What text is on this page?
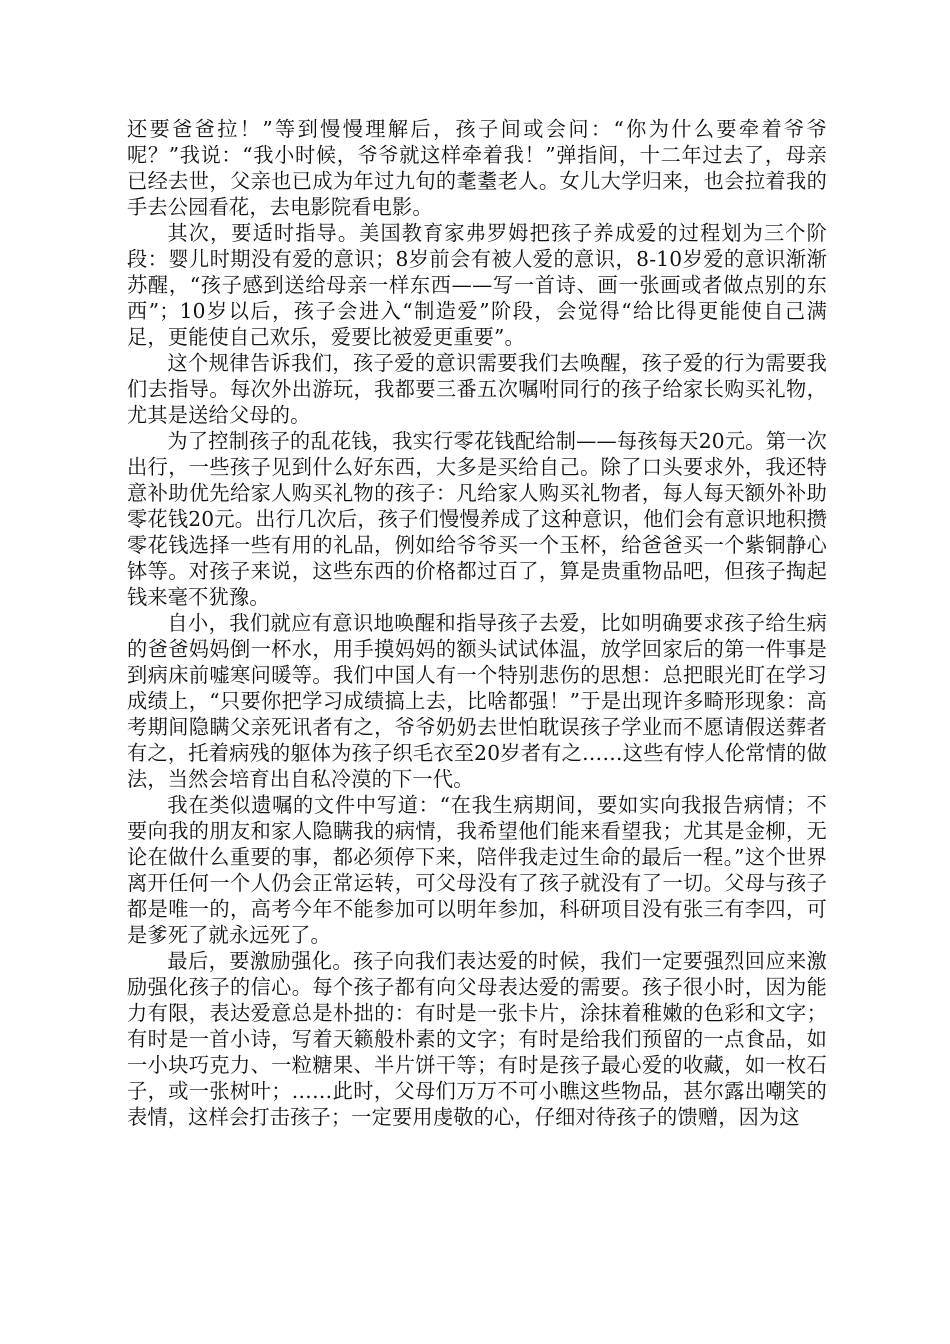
还要爸爸拉！”等到慢慢理解后，孩子间或会问：“你为什么要牵着爷爷呢？”我说：“我小时候，爷爷就这样牵着我！”弹指间，十二年过去了，母亲已经去世，父亲也已成为年过九旬的耄耋老人。女儿大学归来，也会拉着我的手去公园看花，去电影院看电影。

其次，要适时指导。美国教育家弗罗姆把孩子养成爱的过程划为三个阶段：婴儿时期没有爱的意识；8岁前会有被人爱的意识，8-10岁爱的意识渐渐苏醒，“孩子感到送给母亲一样东西——写一首诗、画一张画或者做点别的东西”；10岁以后，孩子会进入“制造爱”阶段，会觉得“给比得更能使自己满足，更能使自己欢乐，爱要比被爱更重要”。

这个规律告诉我们，孩子爱的意识需要我们去唤醒，孩子爱的行为需要我们去指导。每次外出游玩，我都要三番五次嘱咐同行的孩子给家长购买礼物，尤其是送给父母的。

为了控制孩子的乱花钱，我实行零花钱配给制——每孩每天20元。第一次出行，一些孩子见到什么好东西，大多是买给自己。除了口头要求外，我还特意补助优先给家人购买礼物的孩子：凡给家人购买礼物者，每人每天额外补助零花钱20元。出行几次后，孩子们慢慢养成了这种意识，他们会有意识地积攒零花钱选择一些有用的礼品，例如给爷爷买一个玉杯，给爸爸买一个紫铜静心钵等。对孩子来说，这些东西的价格都过百了，算是贵重物品吧，但孩子掏起钱来毫不犹豫。

自小，我们就应有意识地唤醒和指导孩子去爱，比如明确要求孩子给生病的爸爸妈妈倒一杯水，用手摸妈妈的额头试试体温，放学回家后的第一件事是到病床前嘘寒问暖等。我们中国人有一个特别悲伤的思想：总把眼光盯在学习成绩上，“只要你把学习成绩搞上去，比啥都强！”于是出现许多畸形现象：高考期间隐瞒父亲死讯者有之，爷爷奶奶去世怕耽误孩子学业而不愿请假送葬者有之，托着病残的躯体为孩子织毛衣至20岁者有之……这些有悖人伦常情的做法，当然会培育出自私冷漠的下一代。

我在类似遗嘱的文件中写道：“在我生病期间，要如实向我报告病情；不要向我的朋友和家人隐瞒我的病情，我希望他们能来看望我；尤其是金柳，无论在做什么重要的事，都必须停下来，陪伴我走过生命的最后一程。”这个世界离开任何一个人仍会正常运转，可父母没有了孩子就没有了一切。父母与孩子都是唯一的，高考今年不能参加可以明年参加，科研项目没有张三有李四，可是爹死了就永远死了。

最后，要激励强化。孩子向我们表达爱的时候，我们一定要强烈回应来激励强化孩子的信心。每个孩子都有向父母表达爱的需要。孩子很小时，因为能力有限，表达爱意总是朴拙的：有时是一张卡片，涂抹着稚嫩的色彩和文字；有时是一首小诗，写着天籁般朴素的文字；有时是给我们预留的一点食品，如一小块巧克力、一粒糖果、半片饼干等；有时是孩子最心爱的收藏，如一枚石子，或一张树叶；……此时，父母们万万不可小瞧这些物品，甚尔露出嘲笑的表情，这样会打击孩子；一定要用虔敬的心，仔细对待孩子的馈赠，因为这
